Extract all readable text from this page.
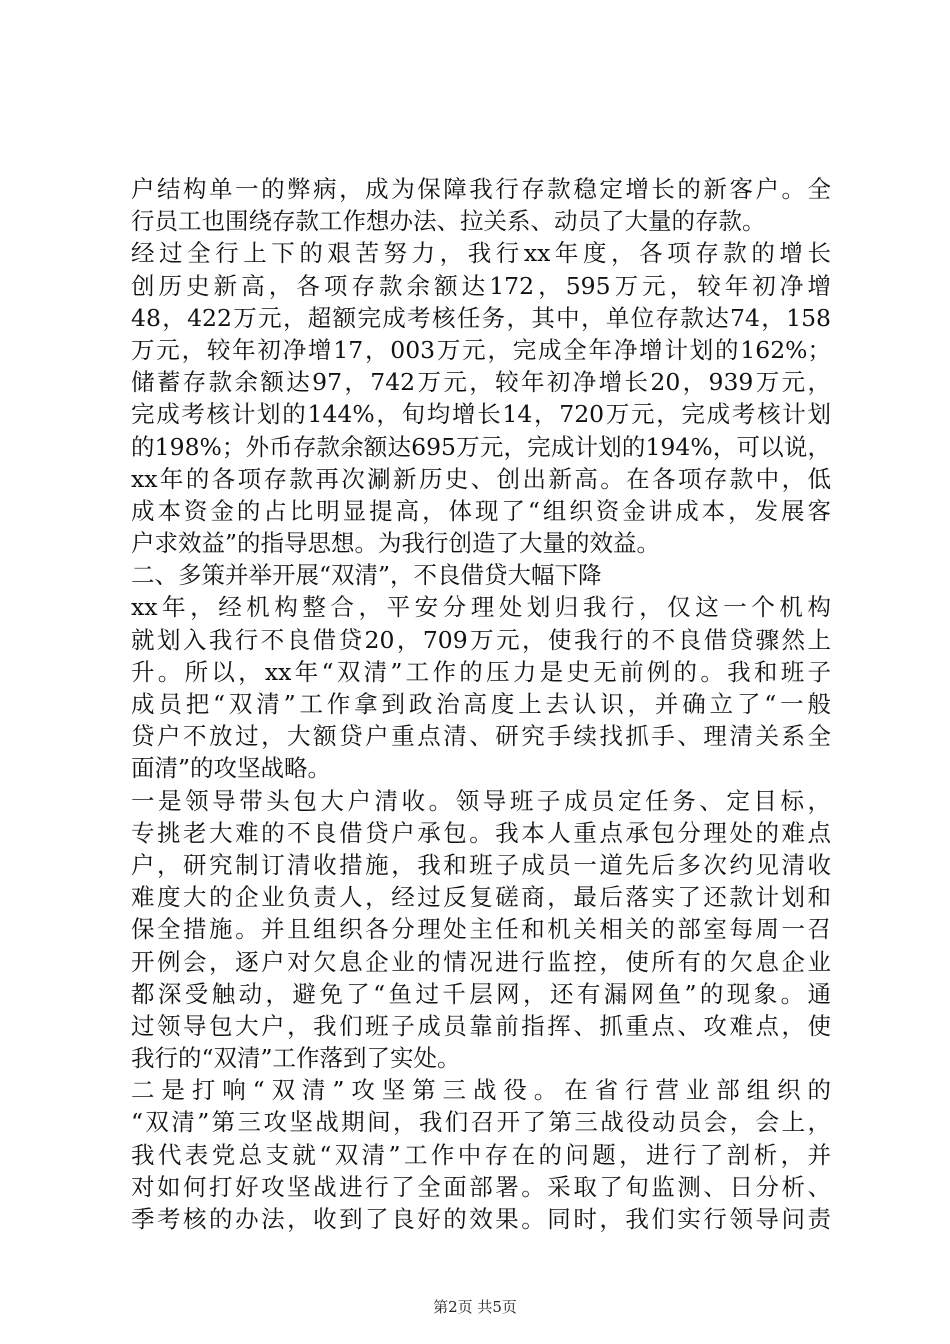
户结构单一的弊病，成为保障我行存款稳定增长的新客户。全
行员工也围绕存款工作想办法、拉关系、动员了大量的存款。
经过全行上下的艰苦努力，我行xx年度，各项存款的增长
创历史新高，各项存款余额达172，595万元，较年初净增
48，422万元，超额完成考核任务，其中，单位存款达74，158
万元，较年初净增17，003万元，完成全年净增计划的162%；
储蓄存款余额达97，742万元，较年初净增长20，939万元，
完成考核计划的144%，旬均增长14，720万元，完成考核计划
的198%；外币存款余额达695万元，完成计划的194%，可以说，
xx年的各项存款再次涮新历史、创出新高。在各项存款中，低
成本资金的占比明显提高，体现了“组织资金讲成本，发展客
户求效益”的指导思想。为我行创造了大量的效益。
二、多策并举开展“双清”，不良借贷大幅下降
xx年，经机构整合，平安分理处划归我行，仅这一个机构
就划入我行不良借贷20，709万元，使我行的不良借贷骤然上
升。所以，xx年“双清”工作的压力是史无前例的。我和班子
成员把“双清”工作拿到政治高度上去认识，并确立了“一般
贷户不放过，大额贷户重点清、研究手续找抓手、理清关系全
面清”的攻坚战略。
一是领导带头包大户清收。领导班子成员定任务、定目标，
专挑老大难的不良借贷户承包。我本人重点承包分理处的难点
户，研究制订清收措施，我和班子成员一道先后多次约见清收
难度大的企业负责人，经过反复磋商，最后落实了还款计划和
保全措施。并且组织各分理处主任和机关相关的部室每周一召
开例会，逐户对欠息企业的情况进行监控，使所有的欠息企业
都深受触动，避免了“鱼过千层网，还有漏网鱼”的现象。通
过领导包大户，我们班子成员靠前指挥、抓重点、攻难点，使
我行的“双清”工作落到了实处。
二是打响“双清”攻坚第三战役。在省行营业部组织的
“双清”第三攻坚战期间，我们召开了第三战役动员会，会上，
我代表党总支就“双清”工作中存在的问题，进行了剖析，并
对如何打好攻坚战进行了全面部署。采取了旬监测、日分析、
季考核的办法，收到了良好的效果。同时，我们实行领导问责
第2页 共5页
